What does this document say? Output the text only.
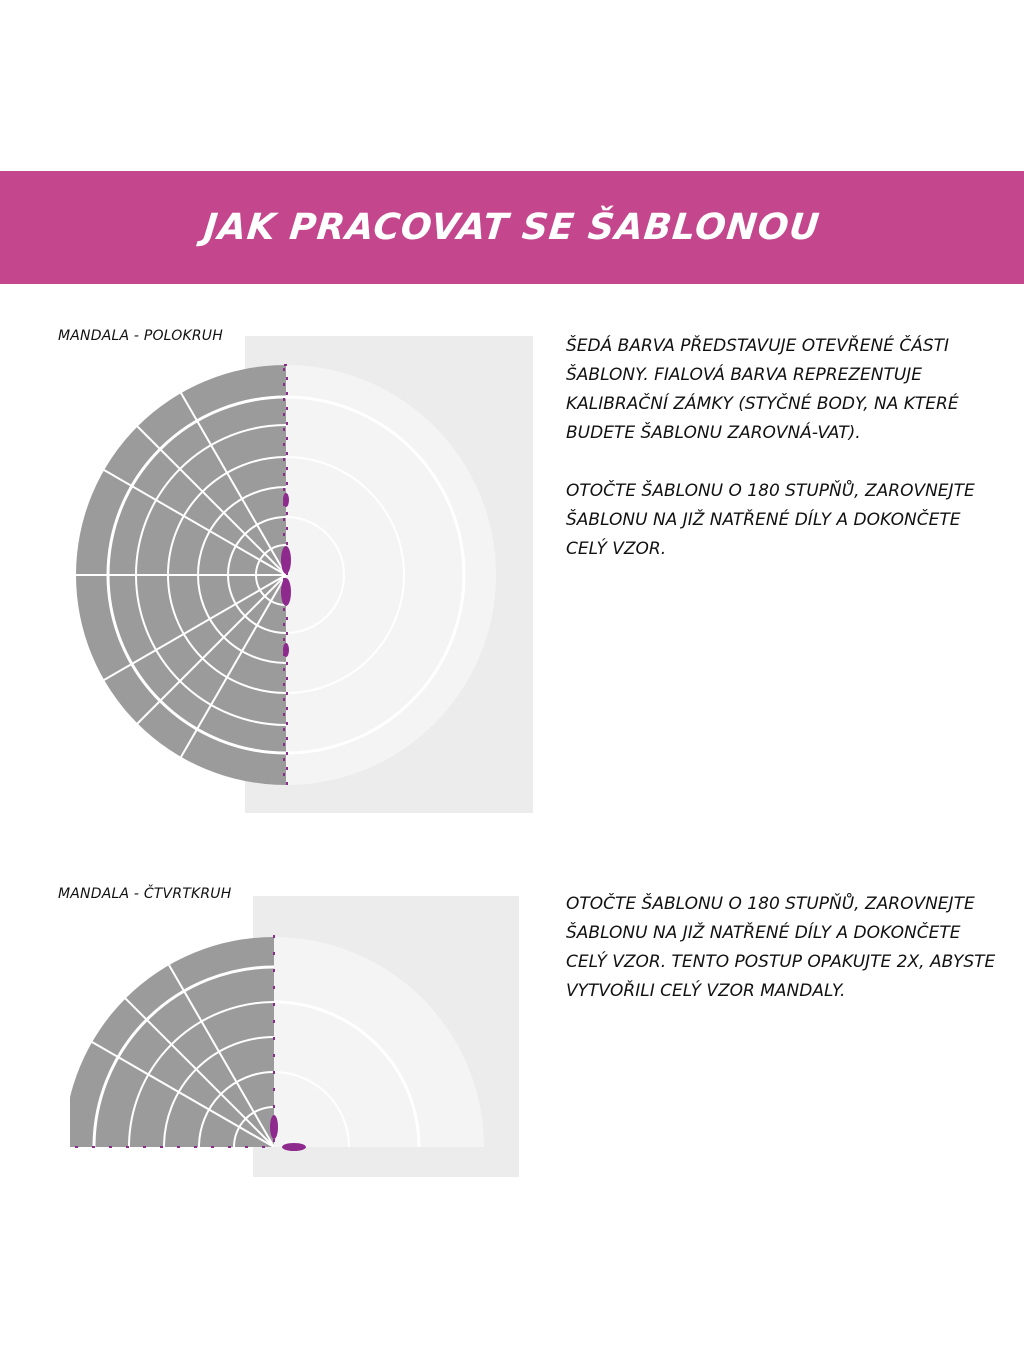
JAK PRACOVAT SE ŠABLONOU
MANDALA - POLOKRUH	ŠEDÁ BARVA PŘEDSTAVUJE OTEVŘENÉ ČÁSTI ŠABLONY. FIALOVÁ BARVA REPREZENTUJE KALIBRAČNÍ ZÁMKY (STYČNÉ BODY, NA KTERÉ BUDETE ŠABLONU ZAROVNÁ-VAT).

OTOČTE ŠABLONU O 180 STUPŇŮ, ZAROVNEJTE ŠABLONU NA JIŽ NATŘENÉ DÍLY A DOKONČETE CELÝ VZOR.

MANDALA - ČTVRTKRUH	OTOČTE ŠABLONU O 180 STUPŇŮ, ZAROVNEJTE ŠABLONU NA JIŽ NATŘENÉ DÍLY A DOKONČETE CELÝ VZOR. TENTO POSTUP OPAKUJTE 2X, ABYSTE VYTVOŘILI CELÝ VZOR MANDALY.
